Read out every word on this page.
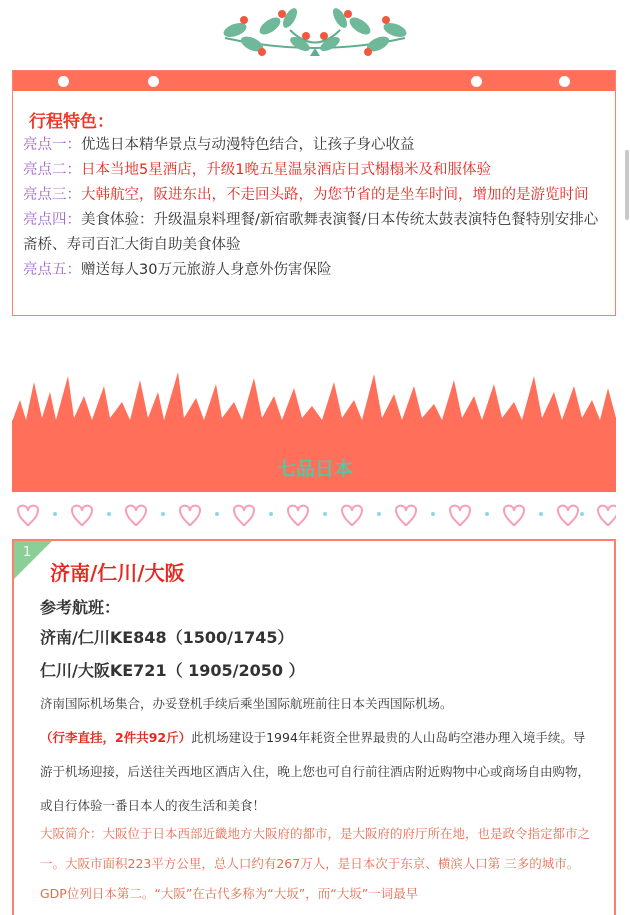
行程特色：
亮点一：优选日本精华景点与动漫特色结合，让孩子身心收益
亮点二：日本当地5星酒店，升级1晚五星温泉酒店日式榻榻米及和服体验
亮点三：大韩航空，阪进东出，不走回头路，为您节省的是坐车时间，增加的是游览时间
亮点四：美食体验：升级温泉料理餐/新宿歌舞表演餐/日本传统太鼓表演特色餐特别安排心斋桥、寿司百汇大街自助美食体验
亮点五：赠送每人30万元旅游人身意外伤害保险
七品日本
1
济南/仁川/大阪
参考航班：
济南/仁川KE848（1500/1745）
仁川/大阪KE721（ 1905/2050 ）

济南国际机场集合，办妥登机手续后乘坐国际航班前往日本关西国际机场。（行李直挂，2件共92斤）此机场建设于1994年耗资全世界最贵的人山岛屿空港办理入境手续。导游于机场迎接，后送往关西地区酒店入住，晚上您也可自行前往酒店附近购物中心或商场自由购物，或自行体验一番日本人的夜生活和美食！

大阪简介：大阪位于日本西部近畿地方大阪府的都市，是大阪府的府厅所在地，也是政令指定都市之一。大阪市面积223平方公里，总人口约有267万人，是日本次于东京、横滨人口第 三多的城市。GDP位列日本第二。“大阪”在古代多称为“大坂”，而“大坂”一词最早
